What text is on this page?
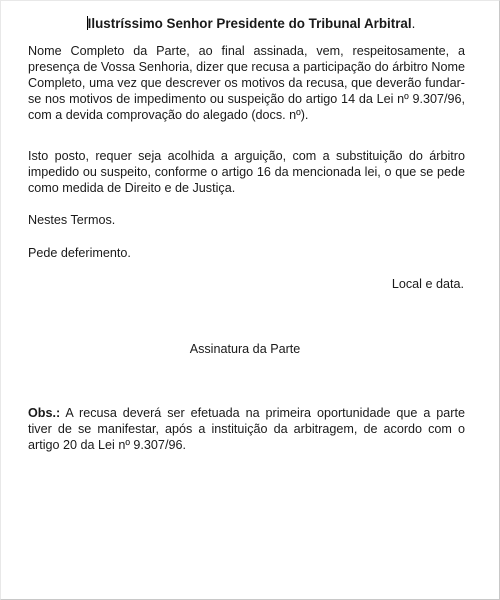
Ilustríssimo Senhor Presidente do Tribunal Arbitral.

Nome Completo da Parte, ao final assinada, vem, respeitosamente, a presença de Vossa Senhoria, dizer que recusa a participação do árbitro Nome Completo, uma vez que descrever os motivos da recusa, que deverão fundar-se nos motivos de impedimento ou suspeição do artigo 14 da Lei nº 9.307/96, com a devida comprovação do alegado (docs. nº).

Isto posto, requer seja acolhida a arguição, com a substituição do árbitro impedido ou suspeito, conforme o artigo 16 da mencionada lei, o que se pede como medida de Direito e de Justiça.

Nestes Termos.

Pede deferimento.

Local e data.
Assinatura da Parte

Obs.: A recusa deverá ser efetuada na primeira oportunidade que a parte tiver de se manifestar, após a instituição da arbitragem, de acordo com o artigo 20 da Lei nº 9.307/96.
